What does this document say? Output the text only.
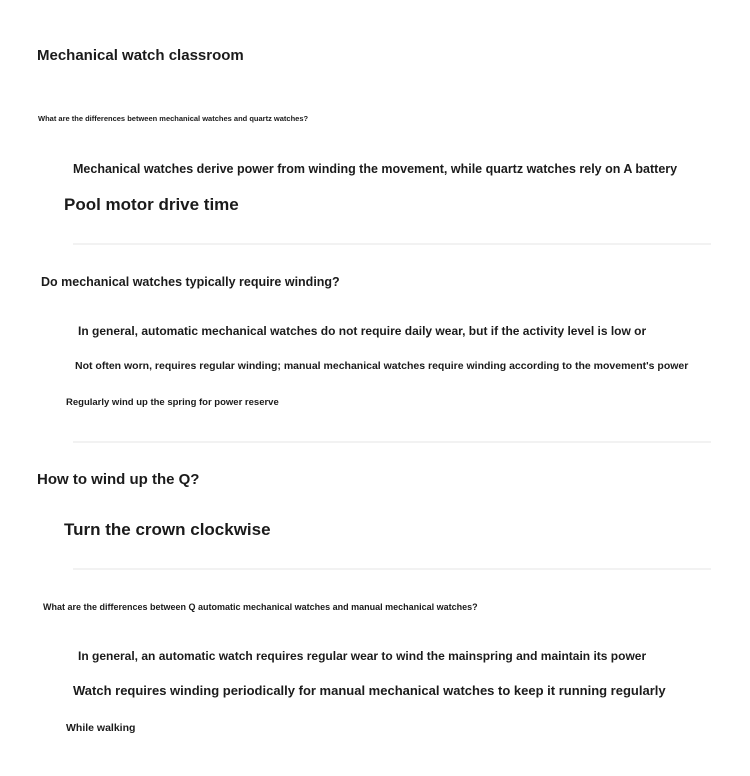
Mechanical watch classroom
What are the differences between mechanical watches and quartz watches?
Mechanical watches derive power from winding the movement, while quartz watches rely on A battery
Pool motor drive time
Do mechanical watches typically require winding?
In general, automatic mechanical watches do not require daily wear, but if the activity level is low or
Not often worn, requires regular winding; manual mechanical watches require winding according to the movement's power
Regularly wind up the spring for power reserve
How to wind up the Q?
Turn the crown clockwise
What are the differences between Q automatic mechanical watches and manual mechanical watches?
In general, an automatic watch requires regular wear to wind the mainspring and maintain its power
Watch requires winding periodically for manual mechanical watches to keep it running regularly
While walking
